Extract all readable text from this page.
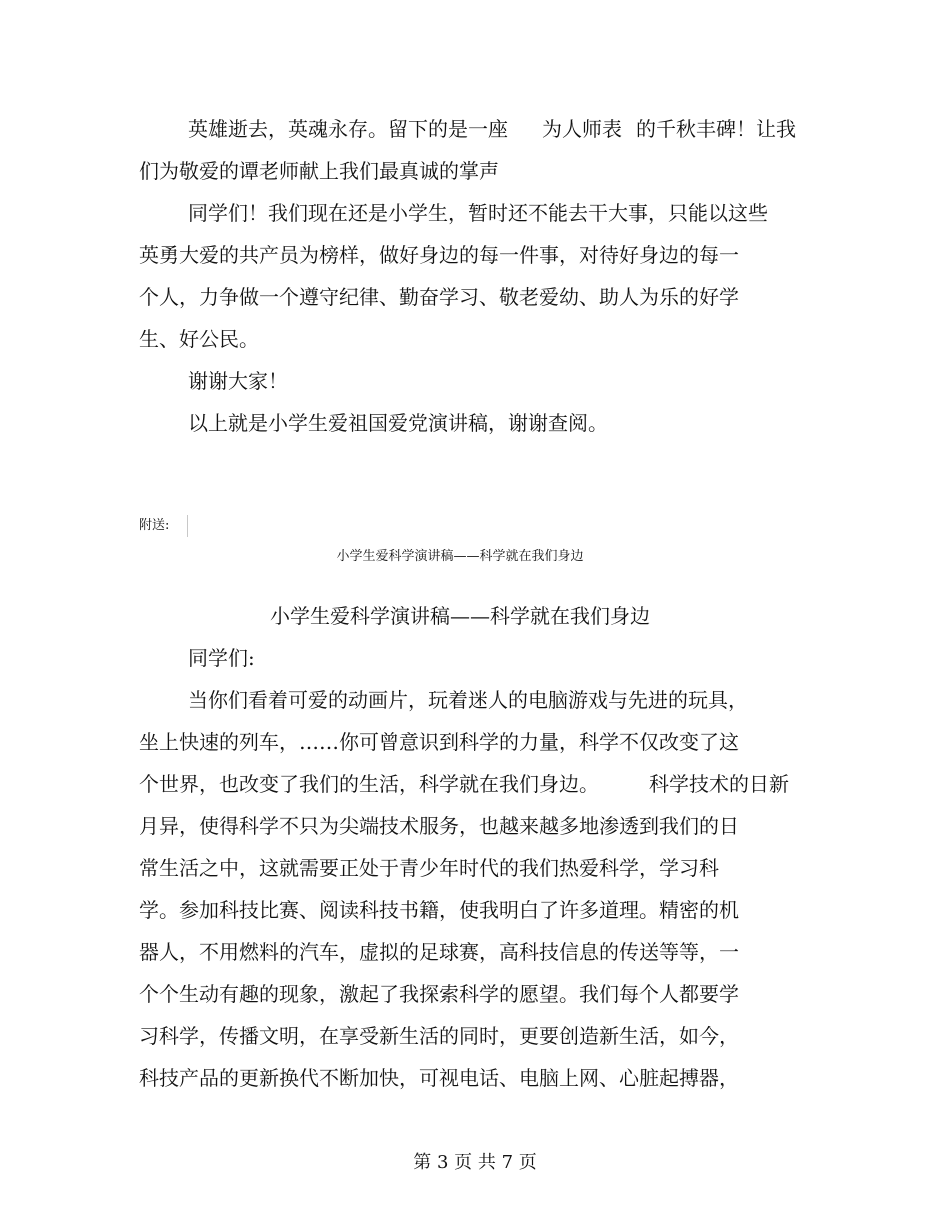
英雄逝去，英魂永存。留下的是一座 为人师表 的千秋丰碑！让我
们为敬爱的谭老师献上我们最真诚的掌声
同学们！我们现在还是小学生，暂时还不能去干大事，只能以这些
英勇大爱的共产员为榜样，做好身边的每一件事，对待好身边的每一
个人，力争做一个遵守纪律、勤奋学习、敬老爱幼、助人为乐的好学
生、好公民。
谢谢大家！
以上就是小学生爱祖国爱党演讲稿，谢谢查阅。
附送:
小学生爱科学演讲稿——科学就在我们身边
小学生爱科学演讲稿——科学就在我们身边
同学们:
当你们看着可爱的动画片，玩着迷人的电脑游戏与先进的玩具，
坐上快速的列车，……你可曾意识到科学的力量，科学不仅改变了这
个世界，也改变了我们的生活，科学就在我们身边。	科学技术的日新
月异，使得科学不只为尖端技术服务，也越来越多地渗透到我们的日
常生活之中，这就需要正处于青少年时代的我们热爱科学，学习科
学。参加科技比赛、阅读科技书籍，使我明白了许多道理。精密的机
器人，不用燃料的汽车，虚拟的足球赛，高科技信息的传送等等，一
个个生动有趣的现象，激起了我探索科学的愿望。我们每个人都要学
习科学，传播文明，在享受新生活的同时，更要创造新生活，如今，
科技产品的更新换代不断加快，可视电话、电脑上网、心脏起搏器，
第 3 页 共 7 页
